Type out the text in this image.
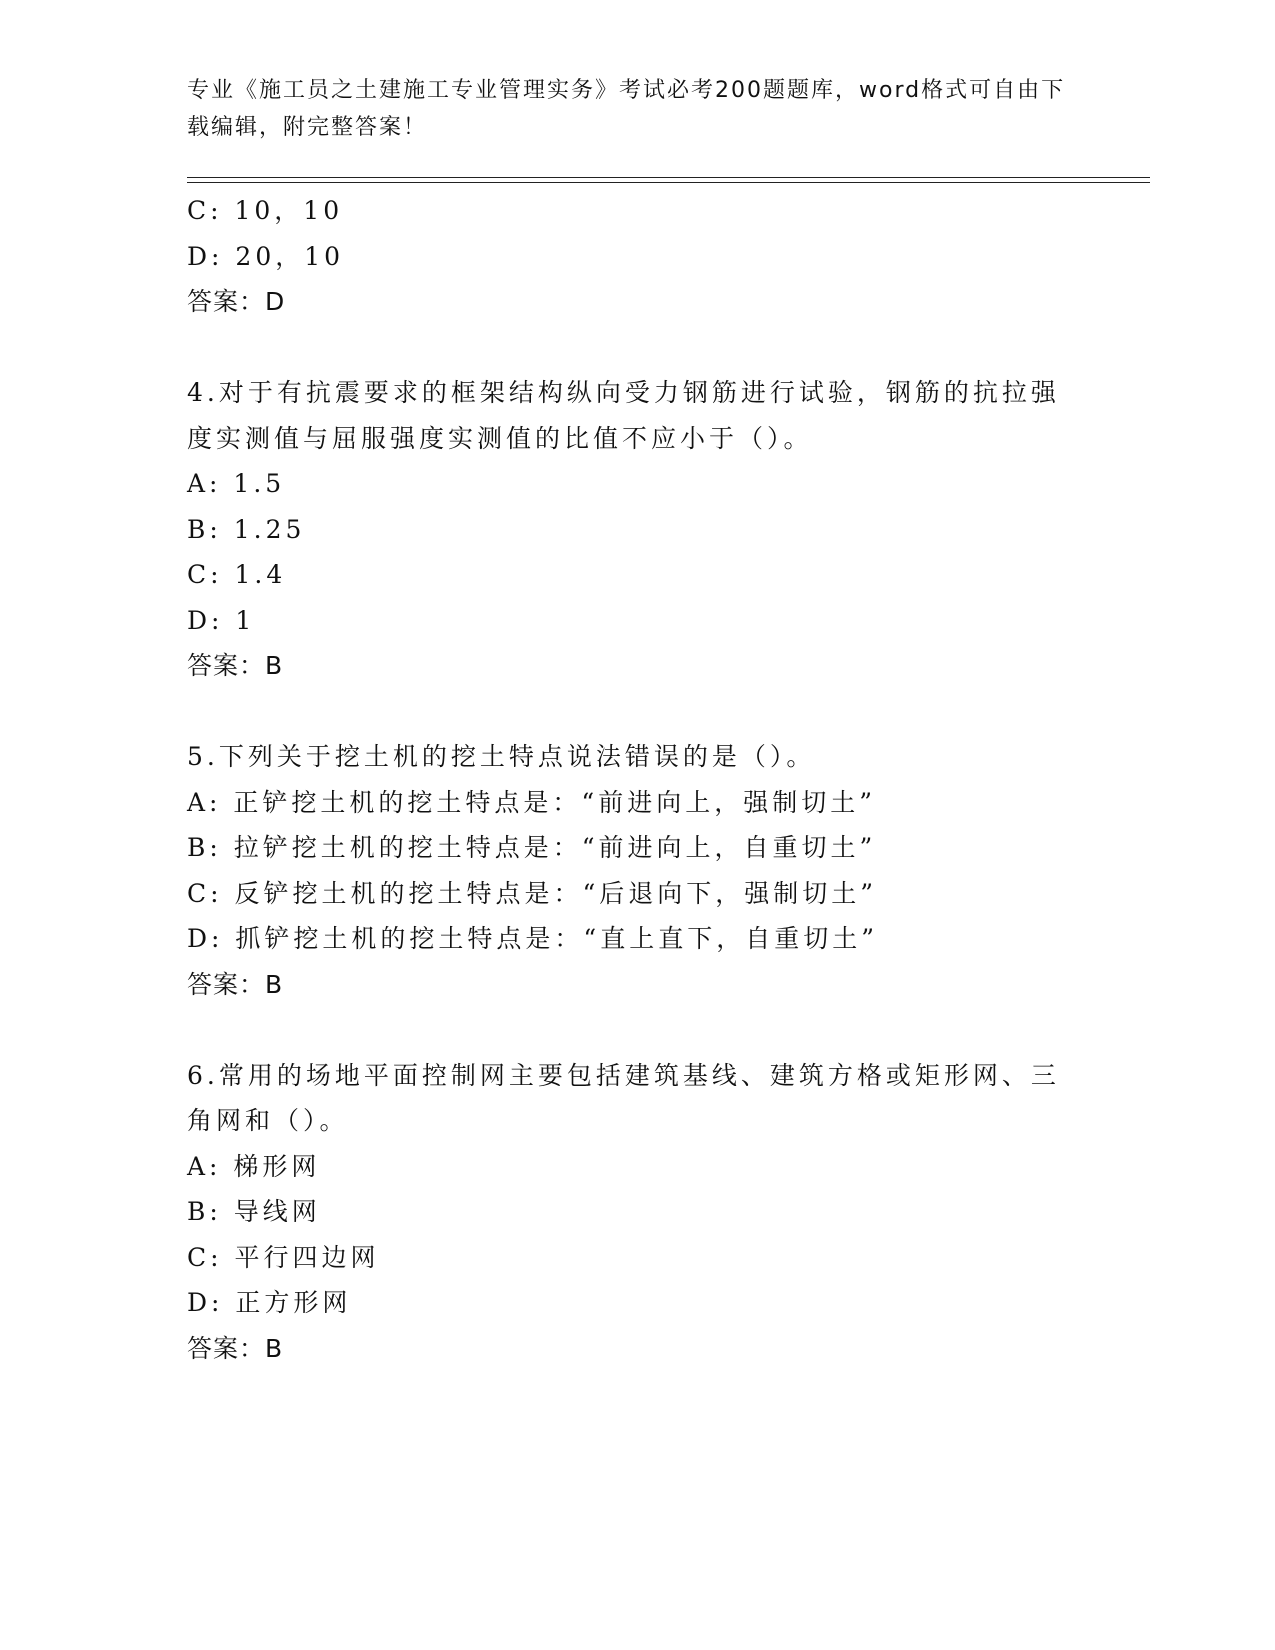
专业《施工员之土建施工专业管理实务》考试必考200题题库，word格式可自由下载编辑，附完整答案！
C: 10，10
D: 20，10
答案：D
4.对于有抗震要求的框架结构纵向受力钢筋进行试验，钢筋的抗拉强
度实测值与屈服强度实测值的比值不应小于（）。
A: 1.5
B: 1.25
C: 1.4
D: 1
答案：B
5.下列关于挖土机的挖土特点说法错误的是（）。
A: 正铲挖土机的挖土特点是：“前进向上，强制切土”
B: 拉铲挖土机的挖土特点是：“前进向上，自重切土”
C: 反铲挖土机的挖土特点是：“后退向下，强制切土”
D: 抓铲挖土机的挖土特点是：“直上直下，自重切土”
答案：B
6.常用的场地平面控制网主要包括建筑基线、建筑方格或矩形网、三
角网和（）。
A: 梯形网
B: 导线网
C: 平行四边网
D: 正方形网
答案：B
